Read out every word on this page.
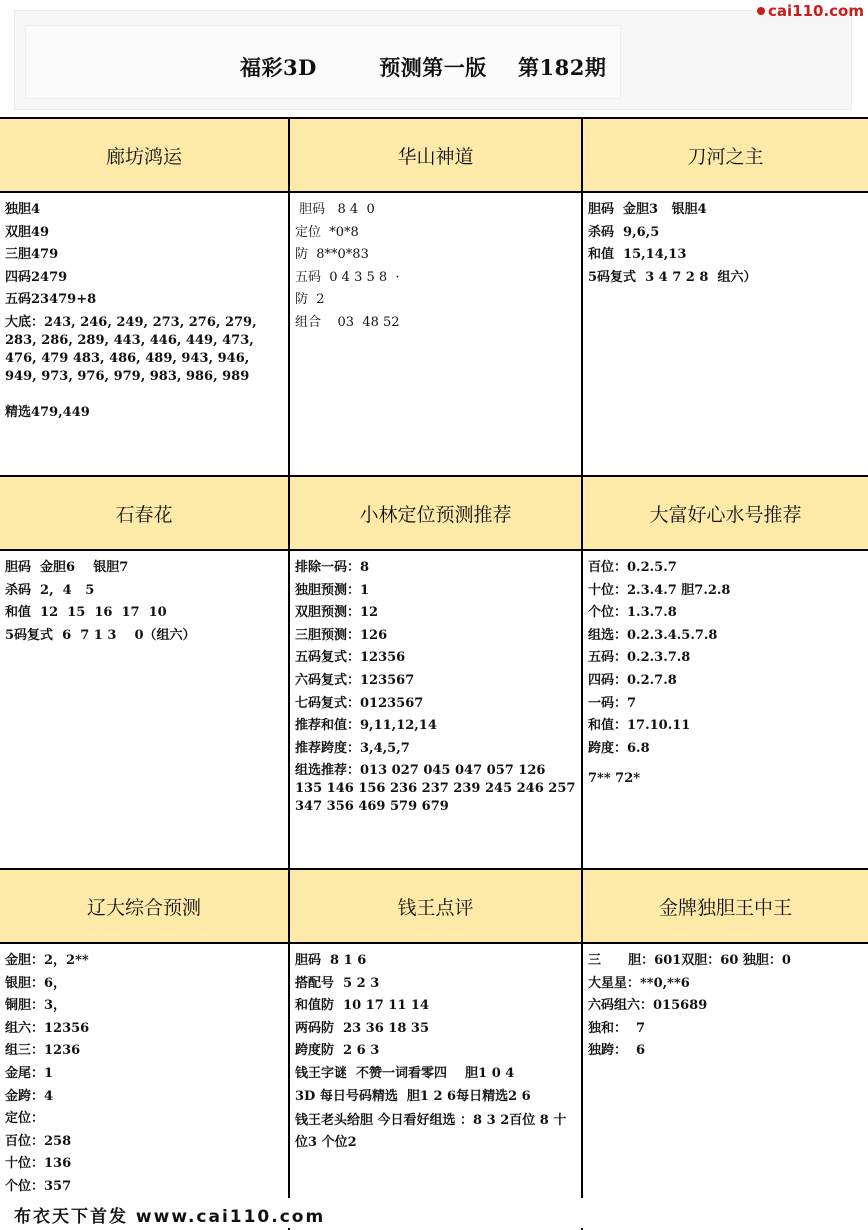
福彩3D        预测第一版    第182期
cai110.com
廊坊鸿运
独胆4
双胆49
三胆479
四码2479
五码23479+8
大底：243, 246, 249, 273, 276, 279, 283, 286, 289, 443, 446, 449, 473, 476, 479 483, 486, 489, 943, 946, 949, 973, 976, 979, 983, 986, 989
精选479,449
华山神道
胆码   8 4  0
定位  *0*8
防  8**0*83
五码  0 4 3 5 8  ·
防  2
组合    03  48 52
刀河之主
胆码  金胆3   银胆4
杀码  9,6,5
和值  15,14,13
5码复式  3 4 7 2 8  组六）
石春花
胆码  金胆6    银胆7
杀码  2,  4   5
和值  12  15  16  17  10
5码复式  6  7 1 3    0（组六）
小林定位预测推荐
排除一码：8
独胆预测：1
双胆预测：12
三胆预测：126
五码复式：12356
六码复式：123567
七码复式：0123567
推荐和值：9,11,12,14
推荐跨度：3,4,5,7
组选推荐：013 027 045 047 057 126 135 146 156 236 237 239 245 246 257 347 356 469 579 679
大富好心水号推荐
百位：0.2.5.7
十位：2.3.4.7 胆7.2.8
个位：1.3.7.8
组选：0.2.3.4.5.7.8
五码：0.2.3.7.8
四码：0.2.7.8
一码：7
和值：17.10.11
跨度：6.8
7** 72*
辽大综合预测
金胆：2，2**
银胆：6，
铜胆：3，
组六：12356
组三：1236
金尾：1
金跨：4
定位：
百位：258
十位：136
个位：357
钱王点评
胆码  8 1 6
搭配号  5 2 3
和值防  10 17 11 14
两码防  23 36 18 35
跨度防  2 6 3
钱王字谜  不赞一词看零四    胆1 0 4
3D 每日号码精选  胆1 2 6每日精选2 6
钱王老头给胆 今日看好组选 ：8 3 2百位 8 十位3 个位2
金牌独胆王中王
三      胆：601双胆：60 独胆：0
大星星：**0,**6
六码组六：015689
独和：  7
独跨：  6
布衣天下首发 www.cai110.com
